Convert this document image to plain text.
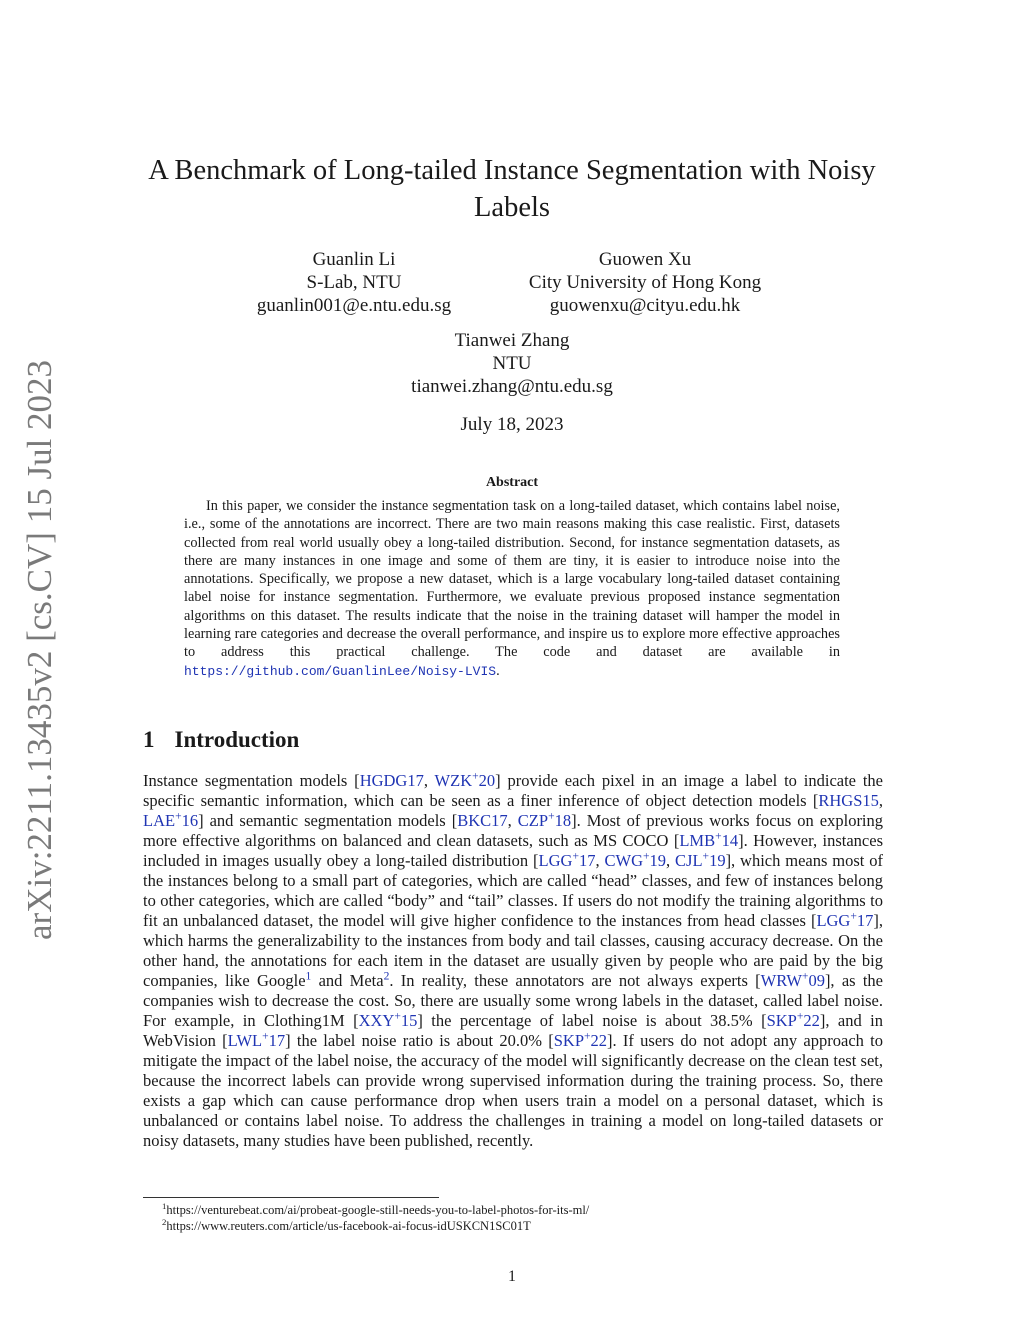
arXiv:2211.13435v2 [cs.CV] 15 Jul 2023
A Benchmark of Long-tailed Instance Segmentation with Noisy Labels
Guanlin Li
S-Lab, NTU
guanlin001@e.ntu.edu.sg
Guowen Xu
City University of Hong Kong
guowenxu@cityu.edu.hk
Tianwei Zhang
NTU
tianwei.zhang@ntu.edu.sg
July 18, 2023
Abstract
In this paper, we consider the instance segmentation task on a long-tailed dataset, which contains label noise, i.e., some of the annotations are incorrect. There are two main reasons making this case realistic. First, datasets collected from real world usually obey a long-tailed distribution. Second, for instance segmentation datasets, as there are many instances in one image and some of them are tiny, it is easier to introduce noise into the annotations. Specifically, we propose a new dataset, which is a large vocabulary long-tailed dataset containing label noise for instance segmentation. Furthermore, we evaluate previous proposed instance segmentation algorithms on this dataset. The results indicate that the noise in the training dataset will hamper the model in learning rare categories and decrease the overall performance, and inspire us to explore more effective approaches to address this practical challenge. The code and dataset are available in https://github.com/GuanlinLee/Noisy-LVIS.
1 Introduction
Instance segmentation models [HGDG17, WZK+20] provide each pixel in an image a label to indicate the specific semantic information, which can be seen as a finer inference of object detection models [RHGS15, LAE+16] and semantic segmentation models [BKC17, CZP+18]. Most of previous works focus on exploring more effective algorithms on balanced and clean datasets, such as MS COCO [LMB+14]. However, instances included in images usually obey a long-tailed distribution [LGG+17, CWG+19, CJL+19], which means most of the instances belong to a small part of categories, which are called “head” classes, and few of instances belong to other categories, which are called “body” and “tail” classes. If users do not modify the training algorithms to fit an unbalanced dataset, the model will give higher confidence to the instances from head classes [LGG+17], which harms the generalizability to the instances from body and tail classes, causing accuracy decrease. On the other hand, the annotations for each item in the dataset are usually given by people who are paid by the big companies, like Google$^1$ and Meta$^2$. In reality, these annotators are not always experts [WRW+09], as the companies wish to decrease the cost. So, there are usually some wrong labels in the dataset, called label noise. For example, in Clothing1M [XXY+15] the percentage of label noise is about 38.5% [SKP+22], and in WebVision [LWL+17] the label noise ratio is about 20.0% [SKP+22]. If users do not adopt any approach to mitigate the impact of the label noise, the accuracy of the model will significantly decrease on the clean test set, because the incorrect labels can provide wrong supervised information during the training process. So, there exists a gap which can cause performance drop when users train a model on a personal dataset, which is unbalanced or contains label noise. To address the challenges in training a model on long-tailed datasets or noisy datasets, many studies have been published, recently.
$^1$https://venturebeat.com/ai/probeat-google-still-needs-you-to-label-photos-for-its-ml/
$^2$https://www.reuters.com/article/us-facebook-ai-focus-idUSKCN1SC01T
1
